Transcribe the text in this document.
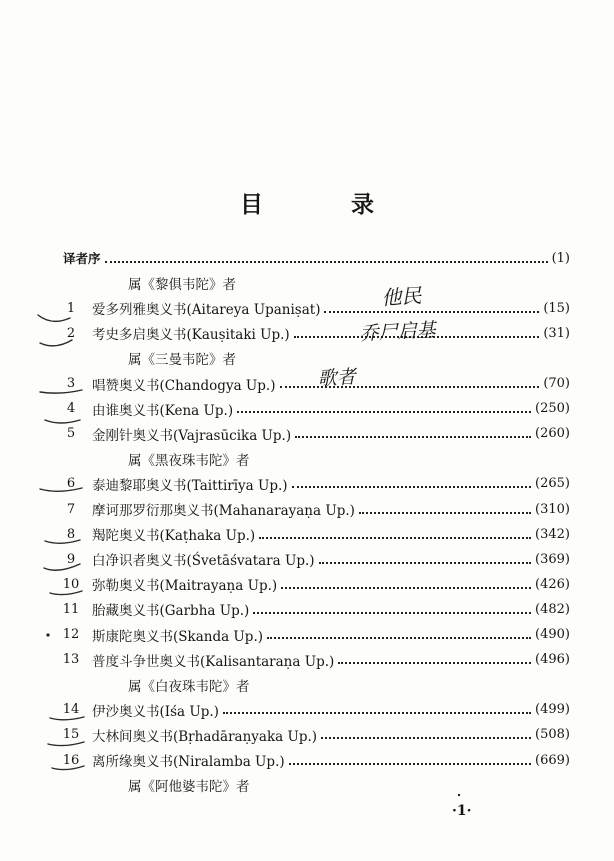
目 录
译者序	(1)
属《黎俱韦陀》者
1	爱多列雅奥义书(Aitareya Upaniṣat)	(15)
2	考史多启奥义书(Kauṣitaki Up.)	(31)
属《三曼韦陀》者
3	唱赞奥义书(Chandogya Up.)	(70)
4	由谁奥义书(Kena Up.)	(250)
5	金刚针奥义书(Vajrasūcika Up.)	(260)
属《黑夜珠韦陀》者
6	泰迪黎耶奥义书(Taittirīya Up.)	(265)
7	摩诃那罗衍那奥义书(Mahanarayaṇa Up.)	(310)
8	羯陀奥义书(Kaṭhaka Up.)	(342)
9	白净识者奥义书(Śvetāśvatara Up.)	(369)
10 弥勒奥义书(Maitrayaṇa Up.)	(426)
11 胎藏奥义书(Garbha Up.)	(482)
12 斯康陀奥义书(Skanda Up.)	(490)
13 普度斗争世奥义书(Kalisantaraṇa Up.)	(496)
属《白夜珠韦陀》者
14 伊沙奥义书(Iśa Up.)	(499)
15 大林间奥义书(Bṛhadāraṇyaka Up.)	(508)
16 离所缘奥义书(Niralamba Up.)	(669)
属《阿他婆韦陀》者
他民
乔尸启基
歌者
·1·
